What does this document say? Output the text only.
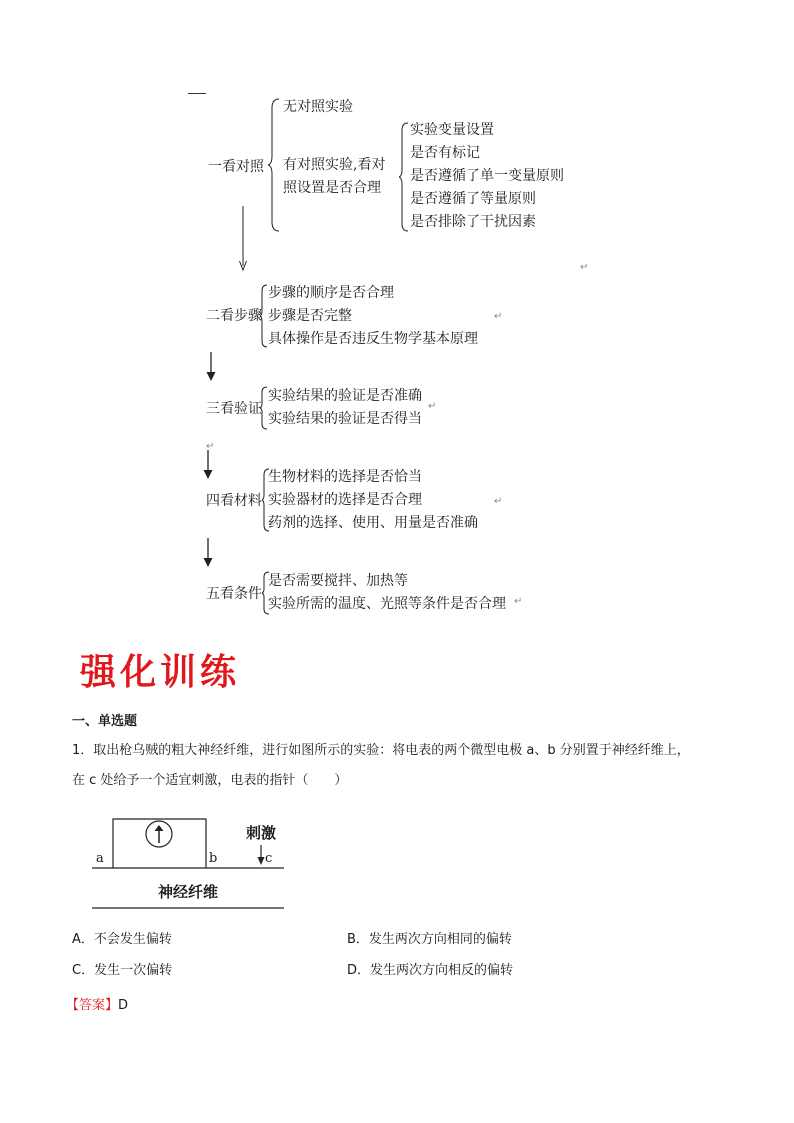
一看对照
无对照实验
有对照实验,看对
照设置是否合理
实验变量设置
是否有标记
是否遵循了单一变量原则
是否遵循了等量原则
是否排除了干扰因素
↵
二看步骤
步骤的顺序是否合理
步骤是否完整
具体操作是否违反生物学基本原理
↵
三看验证
实验结果的验证是否准确
实验结果的验证是否得当
↵
↵
四看材料
生物材料的选择是否恰当
实验器材的选择是否合理
药剂的选择、使用、用量是否准确
↵
五看条件
是否需要搅拌、加热等
实验所需的温度、光照等条件是否合理 ↵
强化训练
一、单选题
1．取出枪乌贼的粗大神经纤维，进行如图所示的实验：将电表的两个微型电极 a、b 分别置于神经纤维上，
在 c 处给予一个适宜刺激，电表的指针（　　）
a	b	c
刺激
神经纤维
A．不会发生偏转	B．发生两次方向相同的偏转
C．发生一次偏转	D．发生两次方向相反的偏转
【答案】D
